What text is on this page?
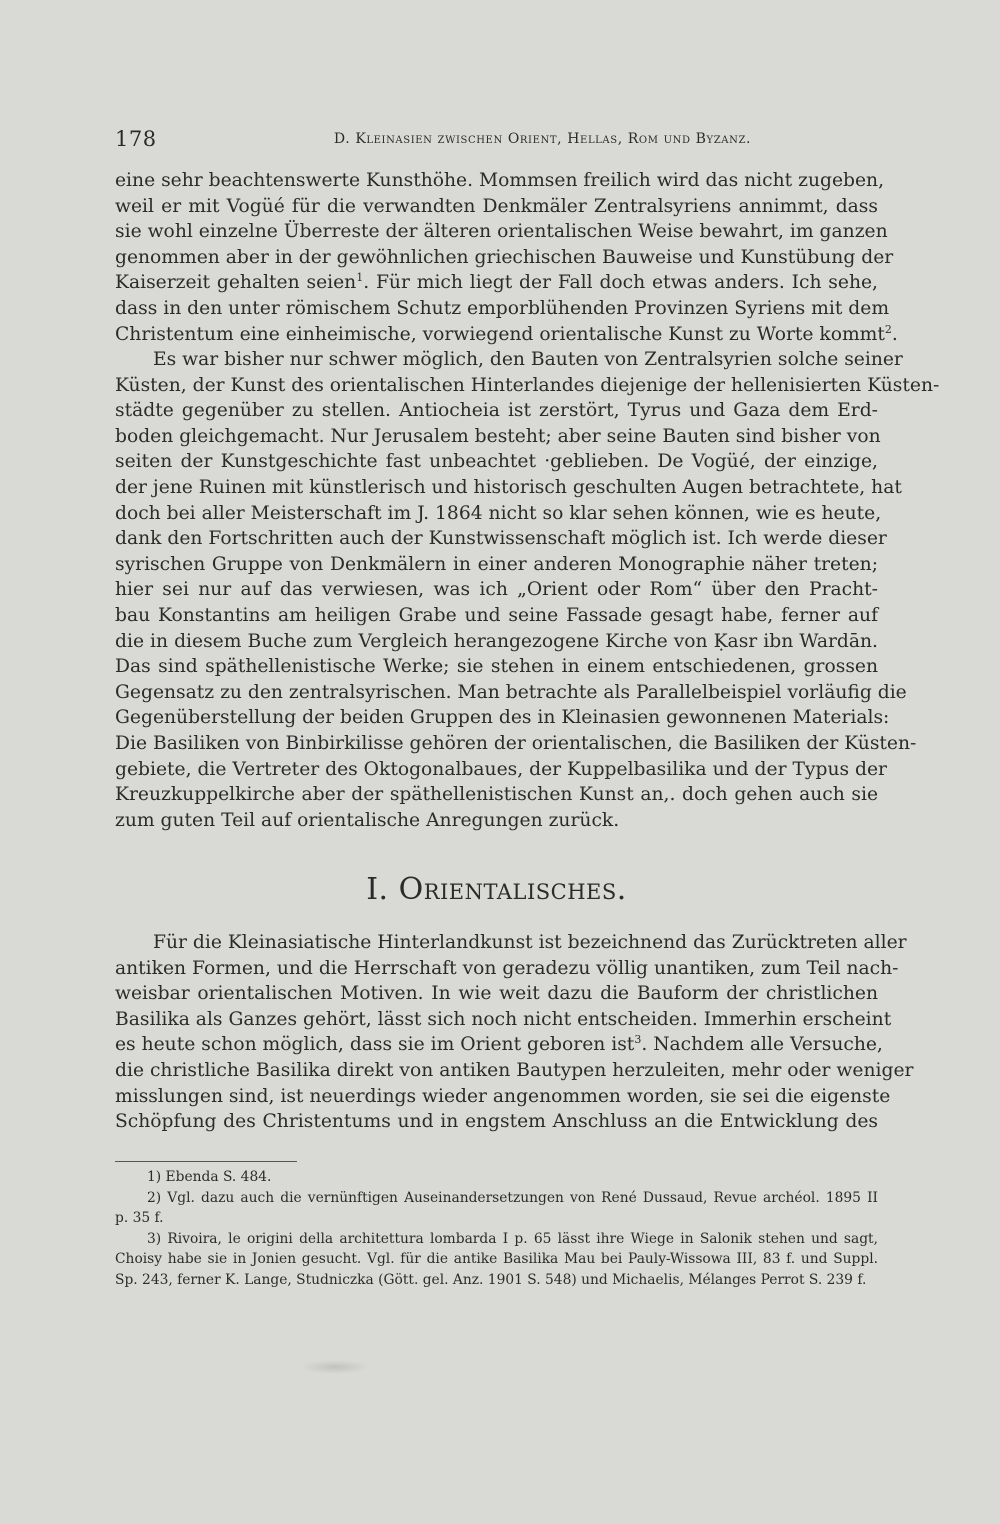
178	D. Kleinasien zwischen Orient, Hellas, Rom und Byzanz.
eine sehr beachtenswerte Kunsthöhe. Mommsen freilich wird das nicht zugeben,
weil er mit Vogüé für die verwandten Denkmäler Zentralsyriens annimmt, dass
sie wohl einzelne Überreste der älteren orientalischen Weise bewahrt, im ganzen
genommen aber in der gewöhnlichen griechischen Bauweise und Kunstübung der
Kaiserzeit gehalten seien$^1$. Für mich liegt der Fall doch etwas anders. Ich sehe,
dass in den unter römischem Schutz emporblühenden Provinzen Syriens mit dem
Christentum eine einheimische, vorwiegend orientalische Kunst zu Worte kommt$^2$.
Es war bisher nur schwer möglich, den Bauten von Zentralsyrien solche seiner
Küsten, der Kunst des orientalischen Hinterlandes diejenige der hellenisierten Küsten-
städte gegenüber zu stellen. Antiocheia ist zerstört, Tyrus und Gaza dem Erd-
boden gleichgemacht. Nur Jerusalem besteht; aber seine Bauten sind bisher von
seiten der Kunstgeschichte fast unbeachtet ·geblieben. De Vogüé, der einzige,
der jene Ruinen mit künstlerisch und historisch geschulten Augen betrachtete, hat
doch bei aller Meisterschaft im J. 1864 nicht so klar sehen können, wie es heute,
dank den Fortschritten auch der Kunstwissenschaft möglich ist. Ich werde dieser
syrischen Gruppe von Denkmälern in einer anderen Monographie näher treten;
hier sei nur auf das verwiesen, was ich „Orient oder Rom“ über den Pracht-
bau Konstantins am heiligen Grabe und seine Fassade gesagt habe, ferner auf
die in diesem Buche zum Vergleich herangezogene Kirche von Ḳasr ibn Wardān.
Das sind späthellenistische Werke; sie stehen in einem entschiedenen, grossen
Gegensatz zu den zentralsyrischen. Man betrachte als Parallelbeispiel vorläufig die
Gegenüberstellung der beiden Gruppen des in Kleinasien gewonnenen Materials:
Die Basiliken von Binbirkilisse gehören der orientalischen, die Basiliken der Küsten-
gebiete, die Vertreter des Oktogonalbaues, der Kuppelbasilika und der Typus der
Kreuzkuppelkirche aber der späthellenistischen Kunst an,. doch gehen auch sie
zum guten Teil auf orientalische Anregungen zurück.
I. Orientalisches.
Für die Kleinasiatische Hinterlandkunst ist bezeichnend das Zurücktreten aller
antiken Formen, und die Herrschaft von geradezu völlig unantiken, zum Teil nach-
weisbar orientalischen Motiven. In wie weit dazu die Bauform der christlichen
Basilika als Ganzes gehört, lässt sich noch nicht entscheiden. Immerhin erscheint
es heute schon möglich, dass sie im Orient geboren ist$^3$. Nachdem alle Versuche,
die christliche Basilika direkt von antiken Bautypen herzuleiten, mehr oder weniger
misslungen sind, ist neuerdings wieder angenommen worden, sie sei die eigenste
Schöpfung des Christentums und in engstem Anschluss an die Entwicklung des
1) Ebenda S. 484.
2) Vgl. dazu auch die vernünftigen Auseinandersetzungen von René Dussaud, Revue archéol. 1895 II
p. 35 f.
3) Rivoira, le origini della architettura lombarda I p. 65 lässt ihre Wiege in Salonik stehen und sagt,
Choisy habe sie in Jonien gesucht. Vgl. für die antike Basilika Mau bei Pauly-Wissowa III, 83 f. und Suppl.
Sp. 243, ferner K. Lange, Studniczka (Gött. gel. Anz. 1901 S. 548) und Michaelis, Mélanges Perrot S. 239 f.
